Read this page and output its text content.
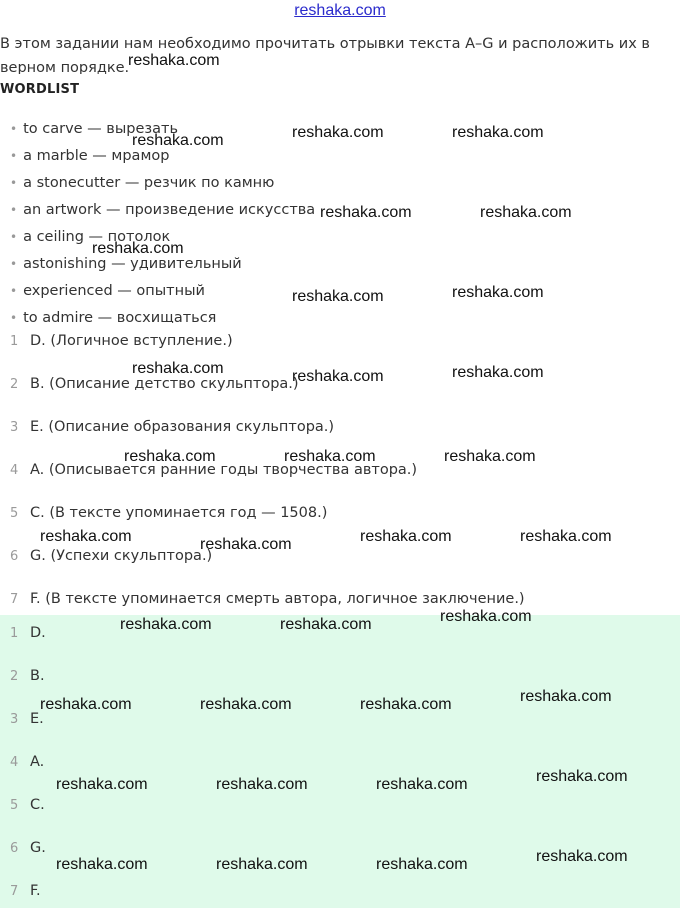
reshaka.com
В этом задании нам необходимо прочитать отрывки текста A–G и расположить их в верном порядке.
WORDLIST
• to carve — вырезать
• a marble — мрамор
• a stonecutter — резчик по камню
• an artwork — произведение искусства
• a ceiling — потолок
• astonishing — удивительный
• experienced — опытный
• to admire — восхищаться
1 D. (Логичное вступление.)
2 B. (Описание детство скульптора.)
3 E. (Описание образования скульптора.)
4 A. (Описывается ранние годы творчества автора.)
5 C. (В тексте упоминается год — 1508.)
6 G. (Успехи скульптора.)
7 F. (В тексте упоминается смерть автора, логичное заключение.)
1 D.
2 B.
3 E.
4 A.
5 C.
6 G.
7 F.
reshaka.com
reshaka.com	reshaka.com	reshaka.com
reshaka.com	reshaka.com
reshaka.com
reshaka.com	reshaka.com
reshaka.com	reshaka.com	reshaka.com
reshaka.com	reshaka.com	reshaka.com
reshaka.com	reshaka.com	reshaka.com	reshaka.com
reshaka.com	reshaka.com	reshaka.com
reshaka.com	reshaka.com	reshaka.com	reshaka.com
reshaka.com	reshaka.com	reshaka.com	reshaka.com
reshaka.com	reshaka.com	reshaka.com	reshaka.com
